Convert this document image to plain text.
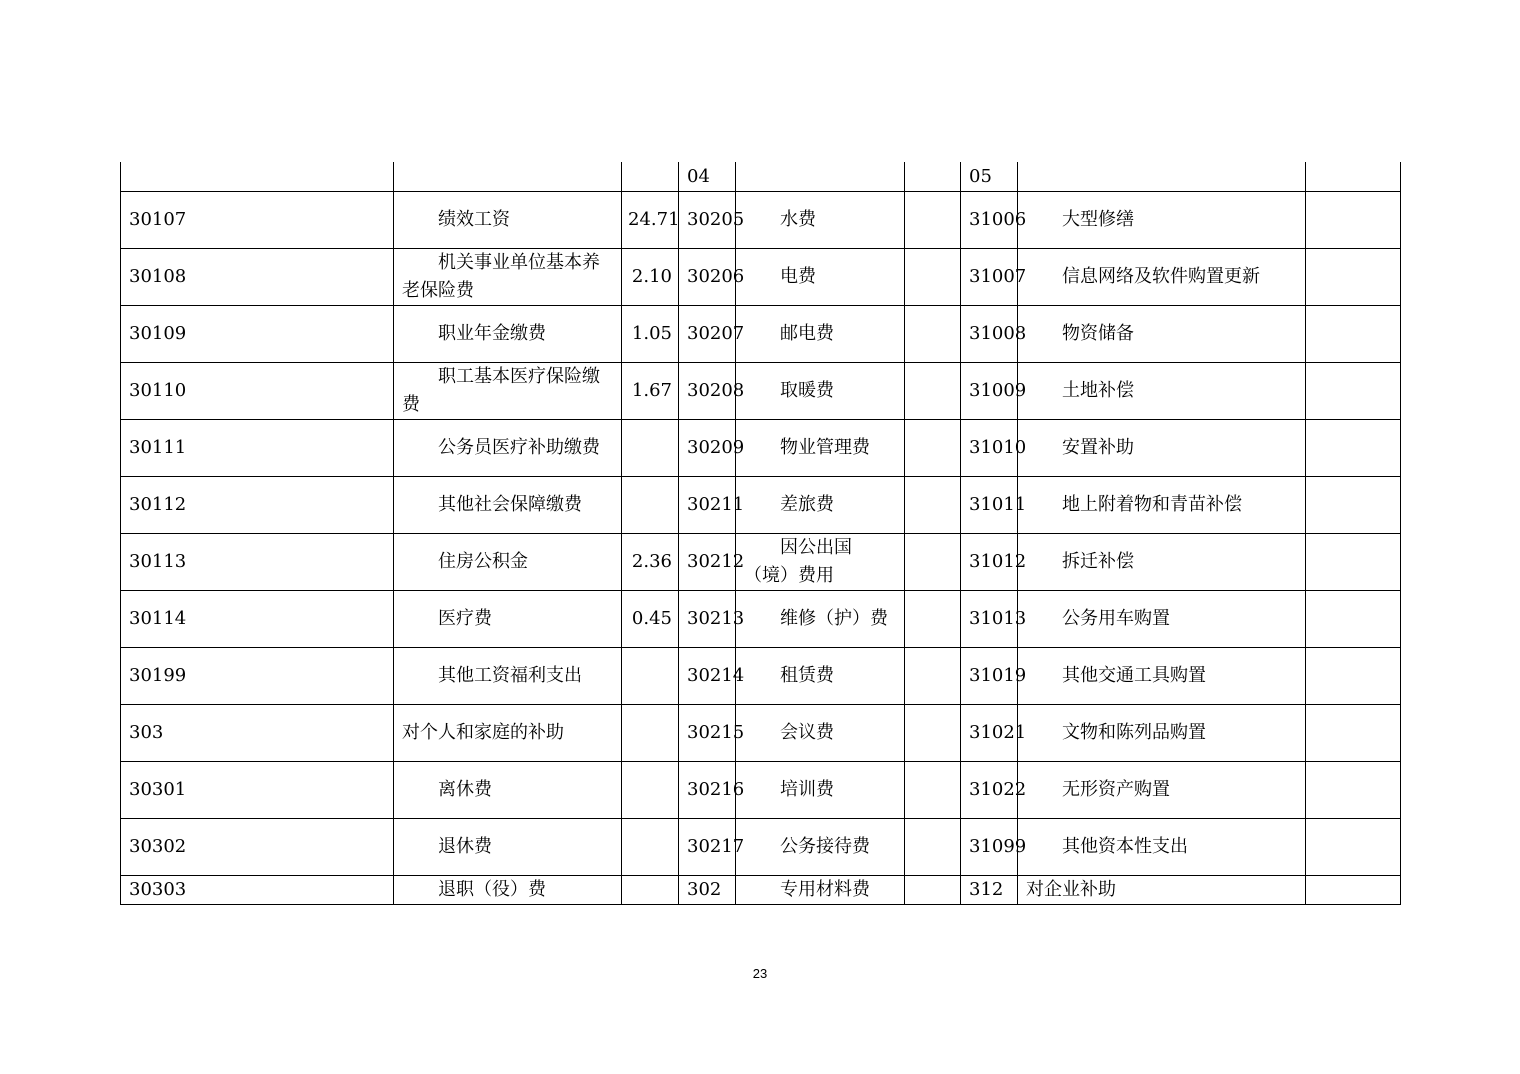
			04			05		
30107	绩效工资	24.71	30205	水费		31006	大型修缮	

30108	机关事业单位基本养老保险费	2.10	30206	电费		31007	信息网络及软件购置更新	

30109	职业年金缴费	1.05	30207	邮电费		31008	物资储备	

30110	职工基本医疗保险缴费	1.67	30208	取暖费		31009	土地补偿	

30111	公务员医疗补助缴费		30209	物业管理费		31010	安置补助	

30112	其他社会保障缴费		30211	差旅费		31011	地上附着物和青苗补偿	

30113	住房公积金	2.36	30212	因公出国（境）费用		31012	拆迁补偿	

30114	医疗费	0.45	30213	维修（护）费		31013	公务用车购置	

30199	其他工资福利支出		30214	租赁费		31019	其他交通工具购置	

303	对个人和家庭的补助		30215	会议费		31021	文物和陈列品购置	

30301	离休费		30216	培训费		31022	无形资产购置	

30302	退休费		30217	公务接待费		31099	其他资本性支出	

30303	退职（役）费		302	专用材料费		312	对企业补助	

23
